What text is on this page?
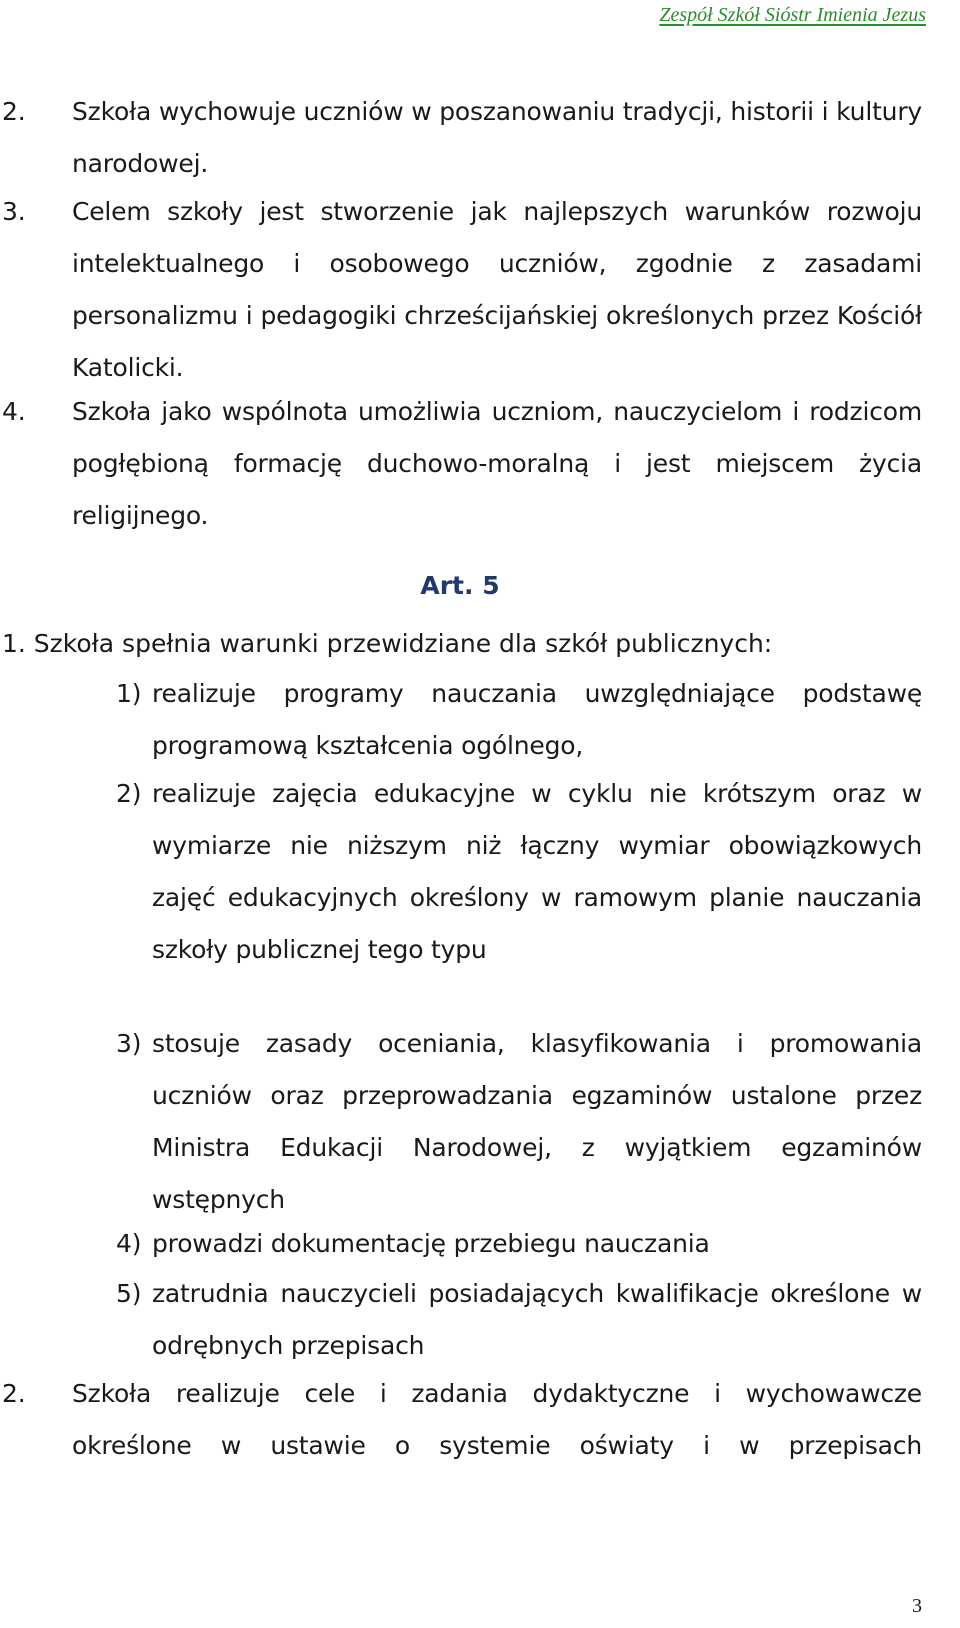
Zespół Szkół Sióstr Imienia Jezus
2. Szkoła wychowuje uczniów w poszanowaniu tradycji, historii i kultury narodowej.
3. Celem szkoły jest stworzenie jak najlepszych warunków rozwoju intelektualnego i osobowego uczniów, zgodnie z zasadami personalizmu i pedagogiki chrześcijańskiej określonych przez Kościół Katolicki.
4. Szkoła jako wspólnota umożliwia uczniom, nauczycielom i rodzicom pogłębioną formację duchowo-moralną i jest miejscem życia religijnego.
Art. 5
1. Szkoła spełnia warunki przewidziane dla szkół publicznych:
1) realizuje programy nauczania uwzględniające podstawę programową kształcenia ogólnego,
2) realizuje zajęcia edukacyjne w cyklu nie krótszym oraz w wymiarze nie niższym niż łączny wymiar obowiązkowych zajęć edukacyjnych określony w ramowym planie nauczania szkoły publicznej tego typu
3) stosuje zasady oceniania, klasyfikowania i promowania uczniów oraz przeprowadzania egzaminów ustalone przez Ministra Edukacji Narodowej, z wyjątkiem egzaminów wstępnych
4) prowadzi dokumentację przebiegu nauczania
5) zatrudnia nauczycieli posiadających kwalifikacje określone w odrębnych przepisach
2. Szkoła realizuje cele i zadania dydaktyczne i wychowawcze określone w ustawie o systemie oświaty i w przepisach
3
